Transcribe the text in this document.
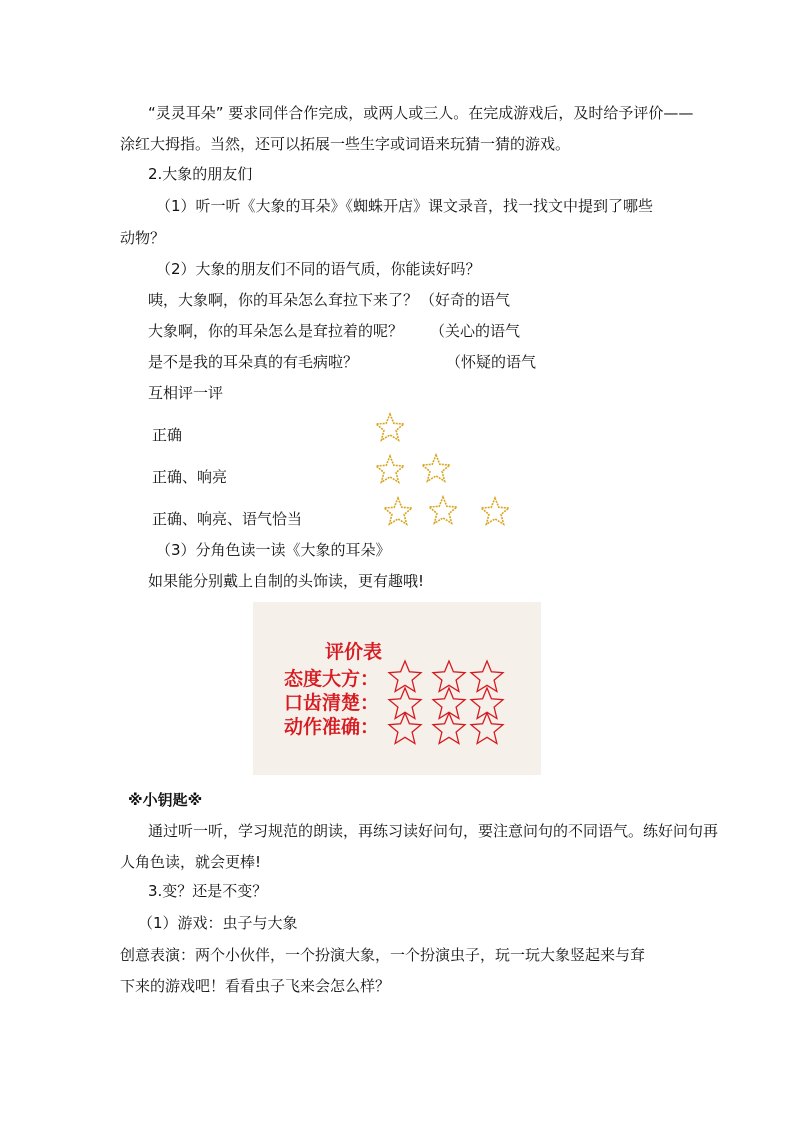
“灵灵耳朵” 要求同伴合作完成，或两人或三人。在完成游戏后，及时给予评价——
涂红大拇指。当然，还可以拓展一些生字或词语来玩猜一猜的游戏。
2.大象的朋友们
（1）听一听《大象的耳朵》《蜘蛛开店》课文录音，找一找文中提到了哪些
动物？
（2）大象的朋友们不同的语气质，你能读好吗？
咦，大象啊，你的耳朵怎么耷拉下来了？ （好奇的语气
大象啊，你的耳朵怎么是耷拉着的呢？ （关心的语气
是不是我的耳朵真的有毛病啦？	（怀疑的语气
互相评一评
正确
正确、响亮
正确、响亮、语气恰当
（3）分角色读一读《大象的耳朵》
如果能分别戴上自制的头饰读，更有趣哦!
评价表
态度大方：
口齿清楚：
动作准确：
※小钥匙※
通过听一听，学习规范的朗读，再练习读好问句，要注意问句的不同语气。练好问句再
人角色读，就会更棒!
3.变？还是不变？
（1）游戏：虫子与大象
创意表演：两个小伙伴，一个扮演大象，一个扮演虫子，玩一玩大象竖起来与耷
下来的游戏吧！看看虫子飞来会怎么样？
